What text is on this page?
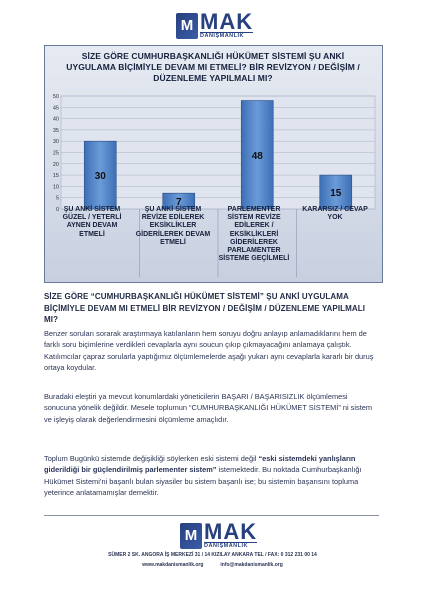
M MAK
DANIŞMANLIK
0
5
10
15
20
25
30
35
40
45
50
30
7
48
15
SİZE GÖRE CUMHURBAŞKANLIĞI HÜKÜMET SİSTEMİ ŞU ANKİ UYGULAMA BİÇİMİYLE DEVAM MI ETMELİ? BİR REVİZYON / DEĞİŞİM / DÜZENLEME YAPILMALI MI?
ŞU ANKİ SİSTEM GÜZEL / YETERLİ AYNEN DEVAM ETMELİ
ŞU ANKİ SİSTEM REVİZE EDİLEREK EKSİKLİKLER GİDERİLEREK DEVAM ETMELİ
PARLEMENTER SİSTEM REVİZE EDİLEREK / EKSİKLİKLERİ GİDERİLEREK PARLAMENTER SİSTEME GEÇİLMELİ
KARARSIZ / CEVAP YOK
SİZE GÖRE “CUMHURBAŞKANLIĞI HÜKÜMET SİSTEMİ” ŞU ANKİ UYGULAMA BİÇİMİYLE DEVAM MI ETMELİ BİR REVİZYON / DEĞİŞİM / DÜZENLEME YAPILMALI MI?
Benzer soruları sorarak araştırmaya katılanların hem soruyu doğru anlayıp anlamadıklarını hem de farklı soru biçimlerine verdikleri cevaplarla aynı soucun çıkıp çıkmayacağını anlamaya çalıştık. Katılımcılar çapraz sorularla yaptığımız ölçümlemelerde aşağı yukarı aynı cevaplarla kararlı bir duruş ortaya koydular.
Buradaki eleştiri ya mevcut konumlardaki yöneticilerin BAŞARI / BAŞARISIZLIK ölçümlemesi sonucuna yönelik değildir. Mesele toplumun “CUMHURBAŞKANLIĞI HÜKÜMET SİSTEMİ” ni sistem ve işleyiş olarak değerlendirmesini ölçümleme amaçlıdır.
Toplum Bugünkü sistemde değişikliği söylerken eski sistemi değil “eski sistemdeki yanlışların giderildiği bir güçlendirilmiş parlementer sistem” istemektedir. Bu noktada Cumhurbaşkanlığı Hükümet Sistemi’ni başarılı bulan siyasiler bu sistem başarılı ise; bu sistemin başarısını topluma yeterince anlatamamışlar demektir.
M MAK
DANIŞMANLIK
SÜMER 2 SK. ANGORA İŞ MERKEZİ 31 / 14 KIZILAY ANKARA TEL / FAX: 0 312 231 00 14
www.makdanismanlik.org	info@makdanismanlik.org
